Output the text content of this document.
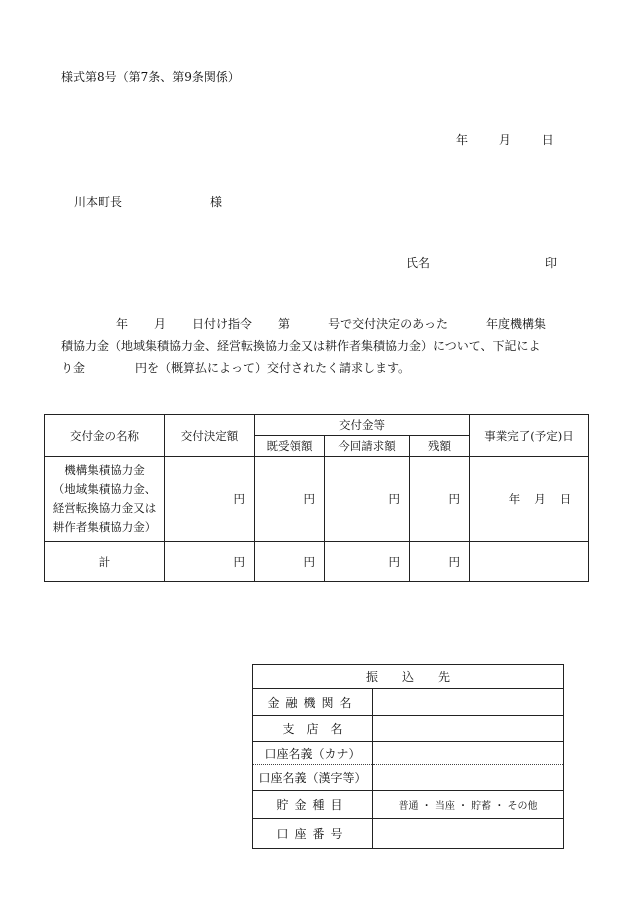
様式第8号（第7条、第9条関係）
年	月	日
川本町長	様
氏名	印
年 月 日付け指令 第	号で交付決定のあった	年度機構集
積協力金（地域集積協力金、経営転換協力金又は耕作者集積協力金）について、下記によ
り金	円を（概算払によって）交付されたく請求します。
交付金の名称	交付決定額	交付金等			事業完了(予定)日
		既受領額	今回請求額	残額	

機構集積協力金
（地域集積協力金、
経営転換協力金又は
耕作者集積協力金）	円	円	円	円	年 月 日
計	円	円	円	円	
振　　込　　先	
金融機関名	
支　店　名	
口座名義（カナ）	
口座名義（漢字等）	
貯金種目	普通 ・ 当座 ・ 貯蓄 ・ その他
口座番号	
